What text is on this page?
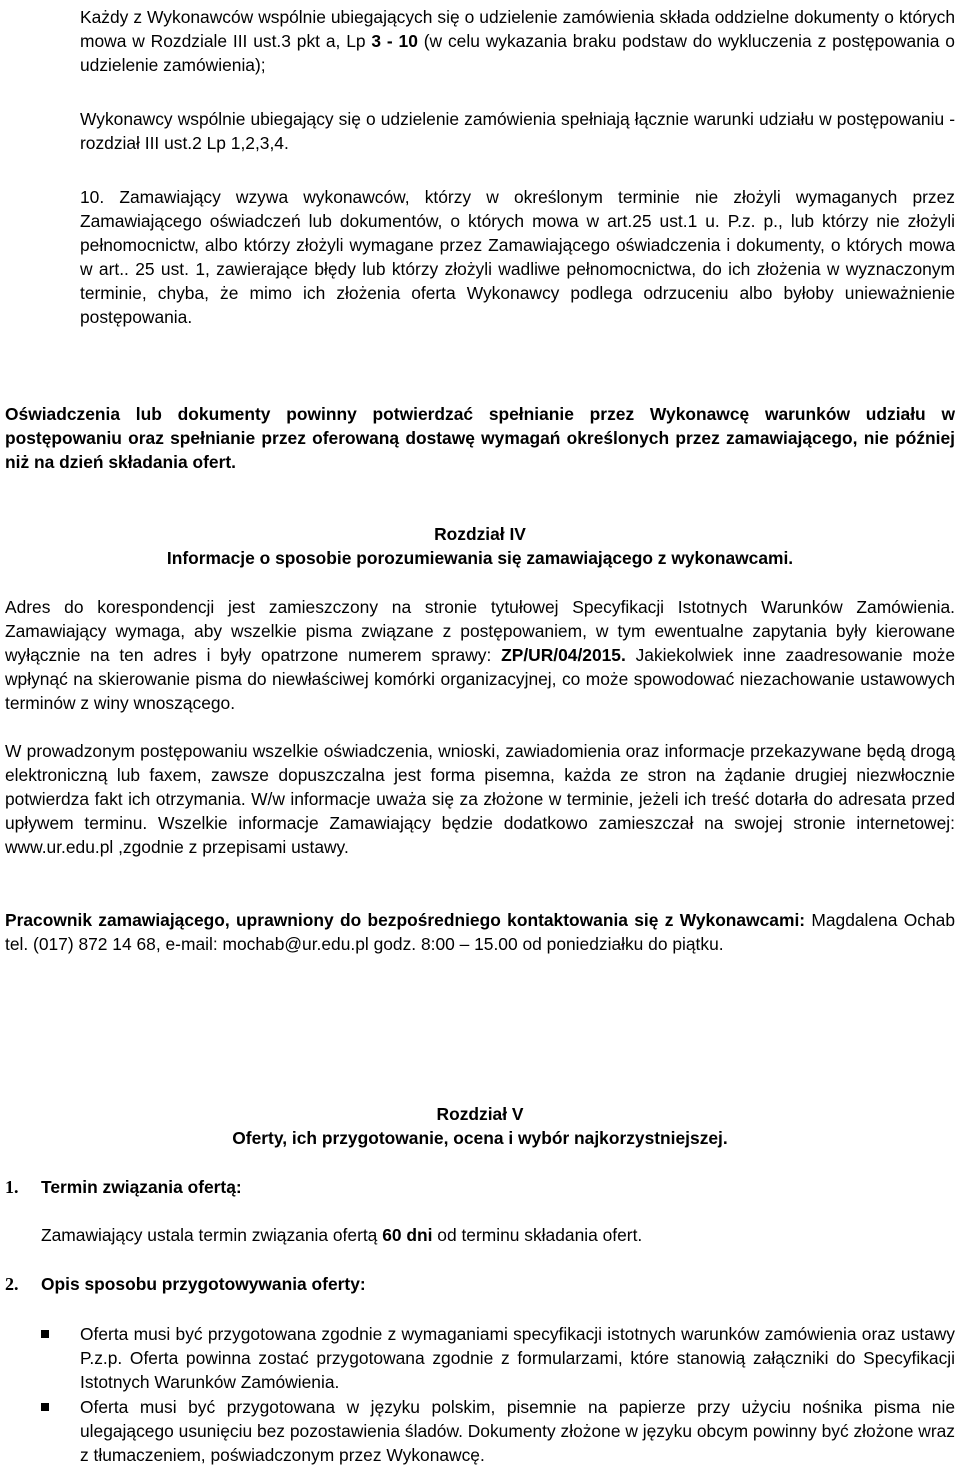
Każdy z Wykonawców wspólnie ubiegających się o udzielenie zamówienia składa oddzielne dokumenty o których mowa w Rozdziale III ust.3 pkt a, Lp 3 - 10 (w celu wykazania braku podstaw do wykluczenia z postępowania o udzielenie zamówienia);

Wykonawcy wspólnie ubiegający się o udzielenie zamówienia spełniają łącznie warunki udziału w postępowaniu - rozdział III ust.2 Lp 1,2,3,4.

10. Zamawiający wzywa wykonawców, którzy w określonym terminie nie złożyli wymaganych przez Zamawiającego oświadczeń lub dokumentów, o których mowa w art.25 ust.1 u. P.z. p., lub którzy nie złożyli pełnomocnictw, albo którzy złożyli wymagane przez Zamawiającego oświadczenia i dokumenty, o których mowa w art.. 25 ust. 1, zawierające błędy lub którzy złożyli wadliwe pełnomocnictwa, do ich złożenia w wyznaczonym terminie, chyba, że mimo ich złożenia oferta Wykonawcy podlega odrzuceniu albo byłoby unieważnienie postępowania.

Oświadczenia lub dokumenty powinny potwierdzać spełnianie przez Wykonawcę warunków udziału w postępowaniu oraz spełnianie przez oferowaną dostawę wymagań określonych przez zamawiającego, nie później niż na dzień składania ofert.

Rozdział IV

Informacje o sposobie porozumiewania się zamawiającego z wykonawcami.

Adres do korespondencji jest zamieszczony na stronie tytułowej Specyfikacji Istotnych Warunków Zamówienia. Zamawiający wymaga, aby wszelkie pisma związane z postępowaniem, w tym ewentualne zapytania były kierowane wyłącznie na ten adres i były opatrzone numerem sprawy: ZP/UR/04/2015. Jakiekolwiek inne zaadresowanie może wpłynąć na skierowanie pisma do niewłaściwej komórki organizacyjnej, co może spowodować niezachowanie ustawowych terminów z winy wnoszącego.

W prowadzonym postępowaniu wszelkie oświadczenia, wnioski, zawiadomienia oraz informacje przekazywane będą drogą elektroniczną lub faxem, zawsze dopuszczalna jest forma pisemna, każda ze stron na żądanie drugiej niezwłocznie potwierdza fakt ich otrzymania. W/w informacje uważa się za złożone w terminie, jeżeli ich treść dotarła do adresata przed upływem terminu. Wszelkie informacje Zamawiający będzie dodatkowo zamieszczał na swojej stronie internetowej: www.ur.edu.pl ,zgodnie z przepisami ustawy.

Pracownik zamawiającego, uprawniony do bezpośredniego kontaktowania się z Wykonawcami: Magdalena Ochab tel. (017) 872 14 68, e-mail: mochab@ur.edu.pl godz. 8:00 – 15.00 od poniedziałku do piątku.

Rozdział V

Oferty, ich przygotowanie, ocena i wybór najkorzystniejszej.

1. Termin związania ofertą:

Zamawiający ustala termin związania ofertą 60 dni od terminu składania ofert.

2. Opis sposobu przygotowywania oferty:

Oferta musi być przygotowana zgodnie z wymaganiami specyfikacji istotnych warunków zamówienia oraz ustawy P.z.p. Oferta powinna zostać przygotowana zgodnie z formularzami, które stanowią załączniki do Specyfikacji Istotnych Warunków Zamówienia.

Oferta musi być przygotowana w języku polskim, pisemnie na papierze przy użyciu nośnika pisma nie ulegającego usunięciu bez pozostawienia śladów. Dokumenty złożone w języku obcym powinny być złożone wraz z tłumaczeniem, poświadczonym przez Wykonawcę.
